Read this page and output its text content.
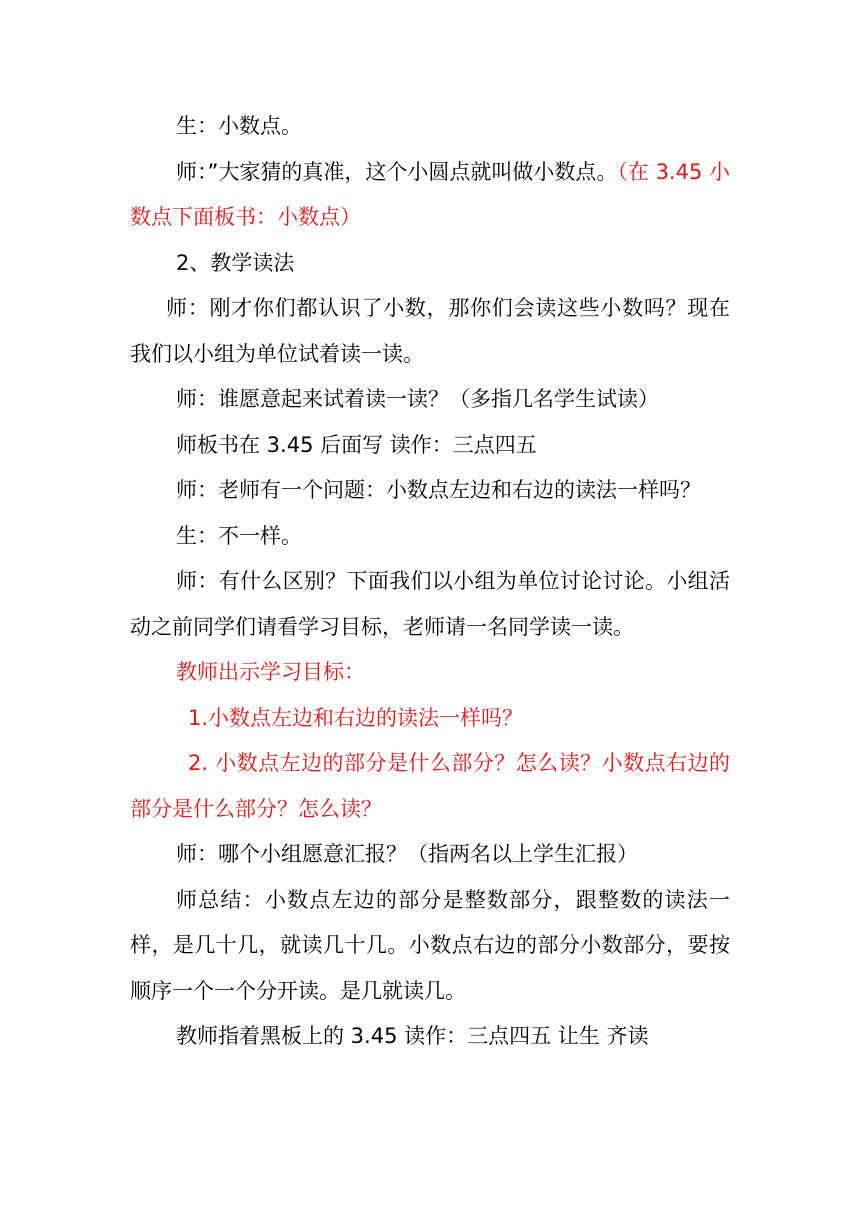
生：小数点。

师：”大家猜的真准，这个小圆点就叫做小数点。（在 3.45 小数点下面板书：小数点）

2、教学读法

师：刚才你们都认识了小数，那你们会读这些小数吗？现在我们以小组为单位试着读一读。

师：谁愿意起来试着读一读？（多指几名学生试读）

师板书在 3.45 后面写 读作：三点四五

师：老师有一个问题：小数点左边和右边的读法一样吗？

生：不一样。

师：有什么区别？下面我们以小组为单位讨论讨论。小组活动之前同学们请看学习目标，老师请一名同学读一读。

教师出示学习目标：

1.小数点左边和右边的读法一样吗？

2. 小数点左边的部分是什么部分？怎么读？小数点右边的部分是什么部分？怎么读？

师：哪个小组愿意汇报？（指两名以上学生汇报）

师总结：小数点左边的部分是整数部分，跟整数的读法一样，是几十几，就读几十几。小数点右边的部分小数部分，要按顺序一个一个分开读。是几就读几。

教师指着黑板上的 3.45 读作：三点四五 让生 齐读
